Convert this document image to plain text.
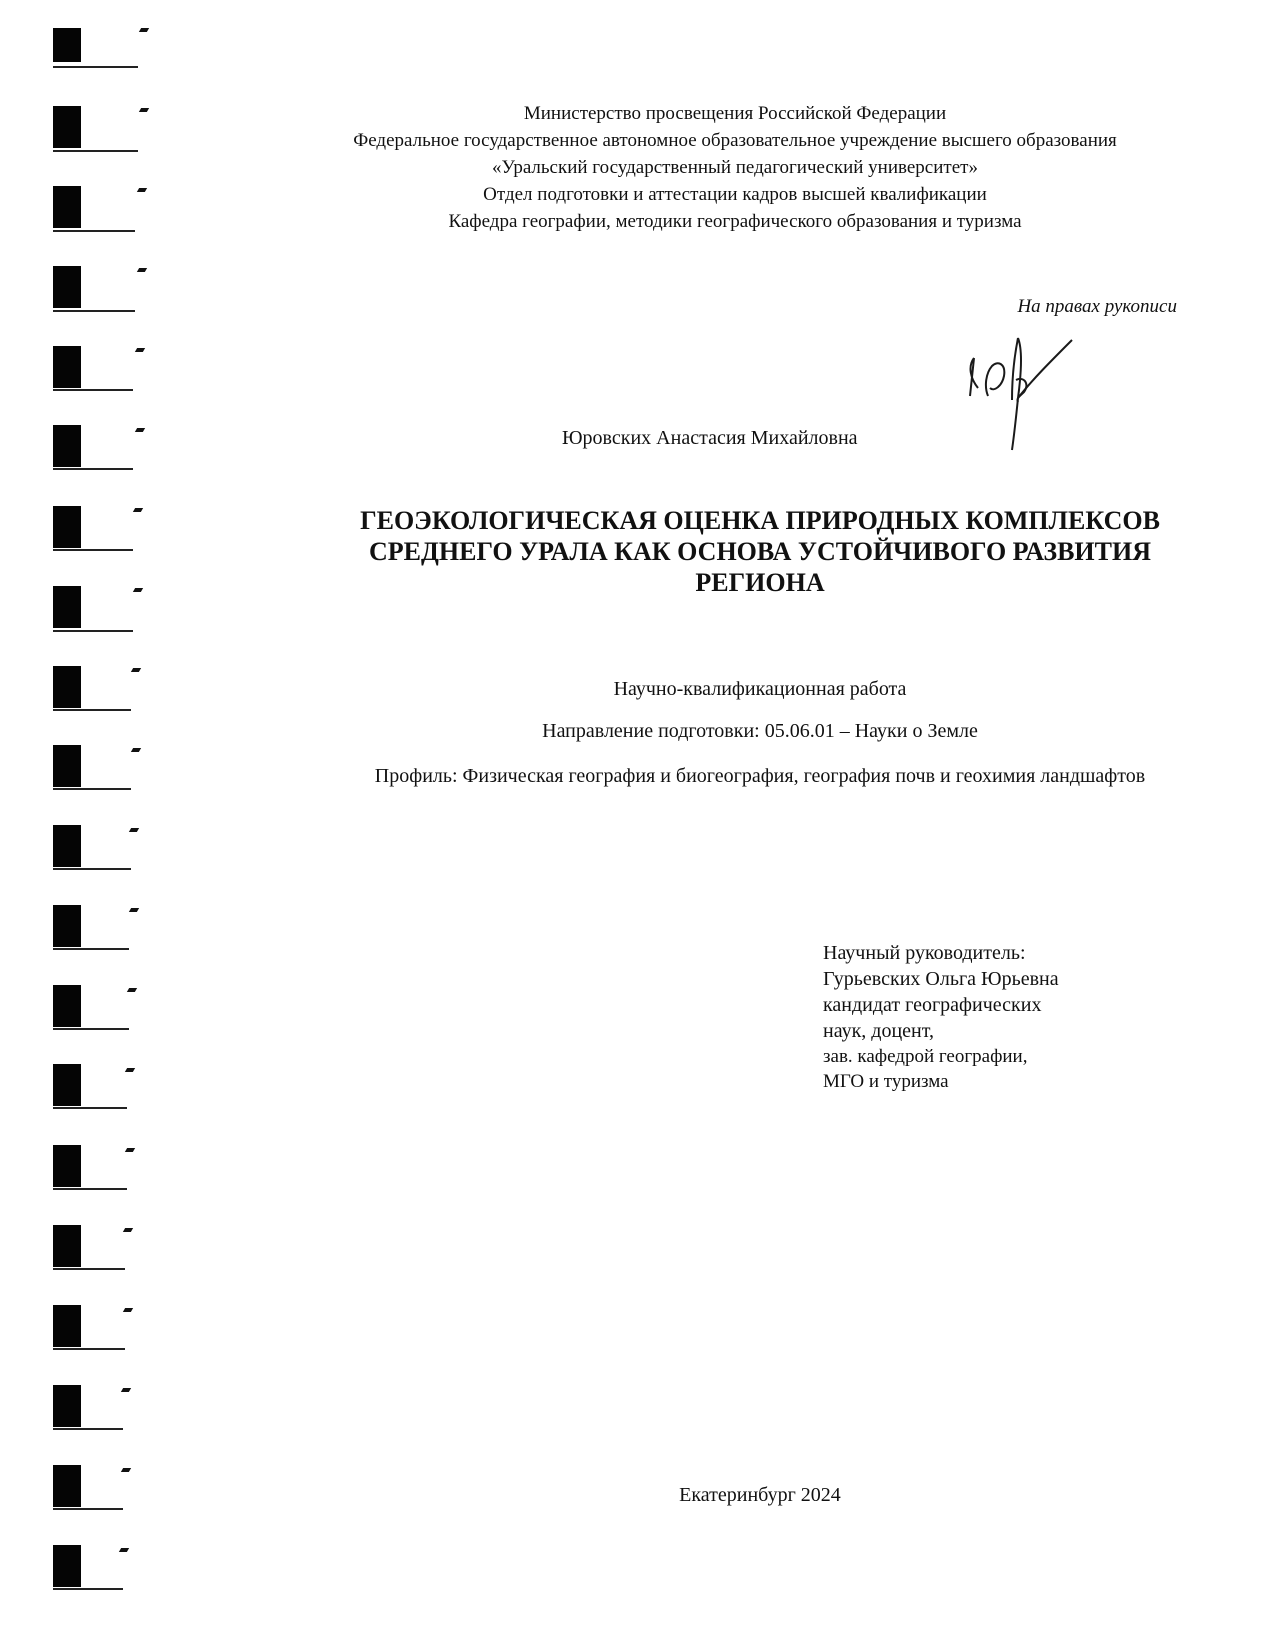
Министерство просвещения Российской Федерации
Федеральное государственное автономное образовательное учреждение высшего образования
«Уральский государственный педагогический университет»
Отдел подготовки и аттестации кадров высшей квалификации
Кафедра географии, методики географического образования и туризма
На правах рукописи
Юровских Анастасия Михайловна
ГЕОЭКОЛОГИЧЕСКАЯ ОЦЕНКА ПРИРОДНЫХ КОМПЛЕКСОВ
СРЕДНЕГО УРАЛА КАК ОСНОВА УСТОЙЧИВОГО РАЗВИТИЯ
РЕГИОНА
Научно-квалификационная работа
Направление подготовки: 05.06.01 – Науки о Земле
Профиль: Физическая география и биогеография, география почв и геохимия ландшафтов
Научный руководитель:
Гурьевских Ольга Юрьевна
кандидат географических
наук, доцент,
зав. кафедрой географии,
МГО и туризма
Екатеринбург 2024
